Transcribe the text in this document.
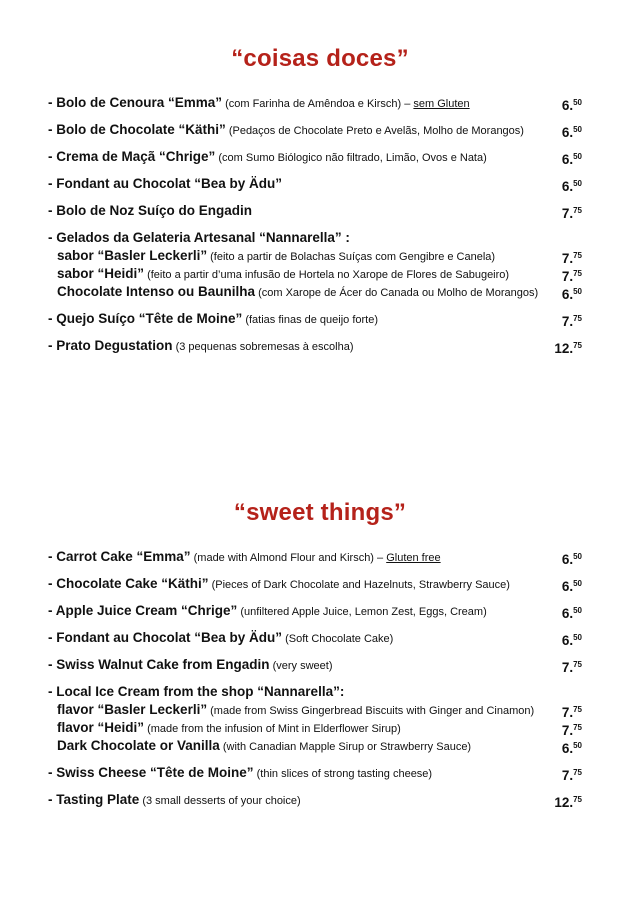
“coisas doces”
- Bolo de Cenoura “Emma” (com Farinha de Amêndoa e Kirsch) – sem Gluten	6.50
- Bolo de Chocolate “Käthi” (Pedaços de Chocolate Preto e Avelãs, Molho de Morangos)	6.50
- Crema de Maçã “Chrige” (com Sumo Biólogico não filtrado, Limão, Ovos e Nata)	6.50
- Fondant au Chocolat “Bea by Ädu”	6.50
- Bolo de Noz Suíço do Engadin	7.75
- Gelados da Gelateria Artesanal “Nannarella” :
sabor “Basler Leckerli” (feito a partir de Bolachas Suíças com Gengibre e Canela)	7.75
sabor “Heidi” (feito a partir d’uma infusão de Hortela no Xarope de Flores de Sabugeiro)	7.75
Chocolate Intenso ou Baunilha (com Xarope de Ácer do Canada ou Molho de Morangos) 6.50
- Quejo Suíço “Tête de Moine” (fatias finas de queijo forte)	7.75
- Prato Degustation (3 pequenas sobremesas à escolha)	12.75
“sweet things”
- Carrot Cake “Emma” (made with Almond Flour and Kirsch) – Gluten free	6.50
- Chocolate Cake “Käthi” (Pieces of Dark Chocolate and Hazelnuts, Strawberry Sauce)	6.50
- Apple Juice Cream “Chrige” (unfiltered Apple Juice, Lemon Zest, Eggs, Cream)	6.50
- Fondant au Chocolat “Bea by Ädu” (Soft Chocolate Cake)	6.50
- Swiss Walnut Cake from Engadin (very sweet)	7.75
- Local Ice Cream from the shop “Nannarella”:
flavor “Basler Leckerli” (made from Swiss Gingerbread Biscuits with Ginger and Cinamon) 7.75
flavor “Heidi” (made from the infusion of Mint in Elderflower Sirup)	7.75
Dark Chocolate or Vanilla (with Canadian Mapple Sirup or Strawberry Sauce)	6.50
- Swiss Cheese “Tête de Moine” (thin slices of strong tasting cheese)	7.75
- Tasting Plate (3 small desserts of your choice)	12.75
